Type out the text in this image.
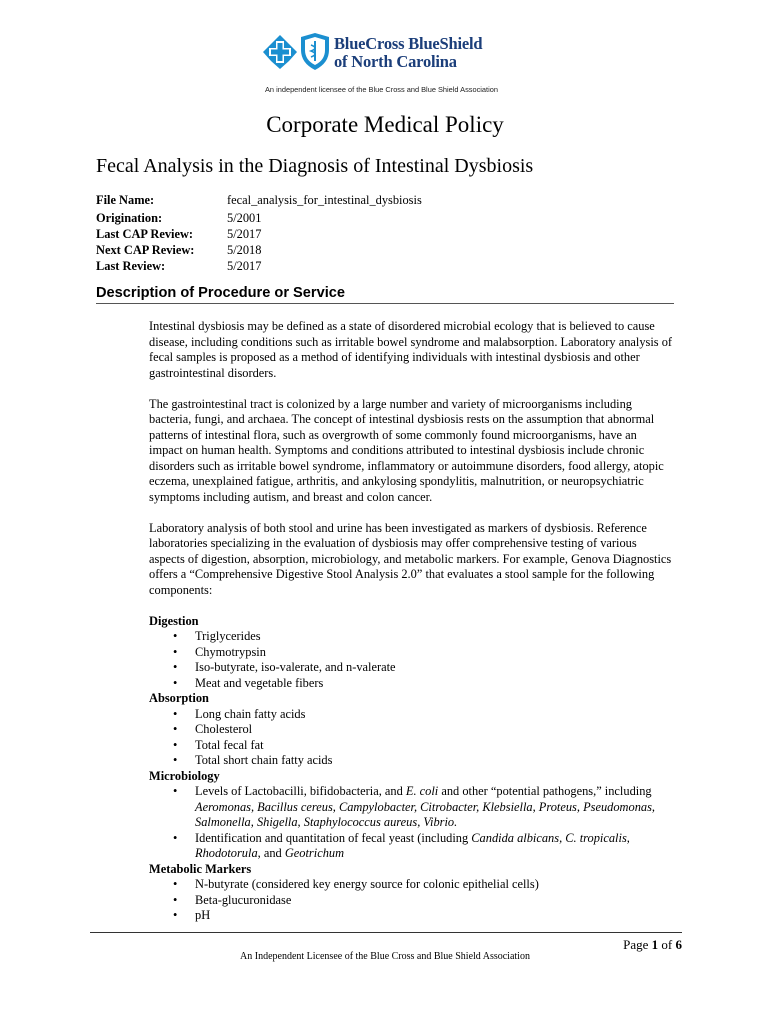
BlueCross BlueShield
of North Carolina
An independent licensee of the Blue Cross and Blue Shield Association
Corporate Medical Policy
Fecal Analysis in the Diagnosis of Intestinal Dysbiosis
File Name:	fecal_analysis_for_intestinal_dysbiosis
Origination:	5/2001
Last CAP Review:	5/2017
Next CAP Review:	5/2018
Last Review:	5/2017
Description of Procedure or Service

Intestinal dysbiosis may be defined as a state of disordered microbial ecology that is believed to cause disease, including conditions such as irritable bowel syndrome and malabsorption. Laboratory analysis of fecal samples is proposed as a method of identifying individuals with intestinal dysbiosis and other gastrointestinal disorders.

The gastrointestinal tract is colonized by a large number and variety of microorganisms including bacteria, fungi, and archaea. The concept of intestinal dysbiosis rests on the assumption that abnormal patterns of intestinal flora, such as overgrowth of some commonly found microorganisms, have an impact on human health. Symptoms and conditions attributed to intestinal dysbiosis include chronic disorders such as irritable bowel syndrome, inflammatory or autoimmune disorders, food allergy, atopic eczema, unexplained fatigue, arthritis, and ankylosing spondylitis, malnutrition, or neuropsychiatric symptoms including autism, and breast and colon cancer.

Laboratory analysis of both stool and urine has been investigated as markers of dysbiosis. Reference laboratories specializing in the evaluation of dysbiosis may offer comprehensive testing of various aspects of digestion, absorption, microbiology, and metabolic markers. For example, Genova Diagnostics offers a “Comprehensive Digestive Stool Analysis 2.0” that evaluates a stool sample for the following components:

Digestion
• Triglycerides
• Chymotrypsin
• Iso-butyrate, iso-valerate, and n-valerate
• Meat and vegetable fibers
Absorption
• Long chain fatty acids
• Cholesterol
• Total fecal fat
• Total short chain fatty acids
Microbiology
• Levels of Lactobacilli, bifidobacteria, and E. coli and other “potential pathogens,” including Aeromonas, Bacillus cereus, Campylobacter, Citrobacter, Klebsiella, Proteus, Pseudomonas, Salmonella, Shigella, Staphylococcus aureus, Vibrio.
• Identification and quantitation of fecal yeast (including Candida albicans, C. tropicalis, Rhodotorula, and Geotrichum
Metabolic Markers
• N-butyrate (considered key energy source for colonic epithelial cells)
• Beta-glucuronidase
• pH
Page 1 of 6
An Independent Licensee of the Blue Cross and Blue Shield Association
